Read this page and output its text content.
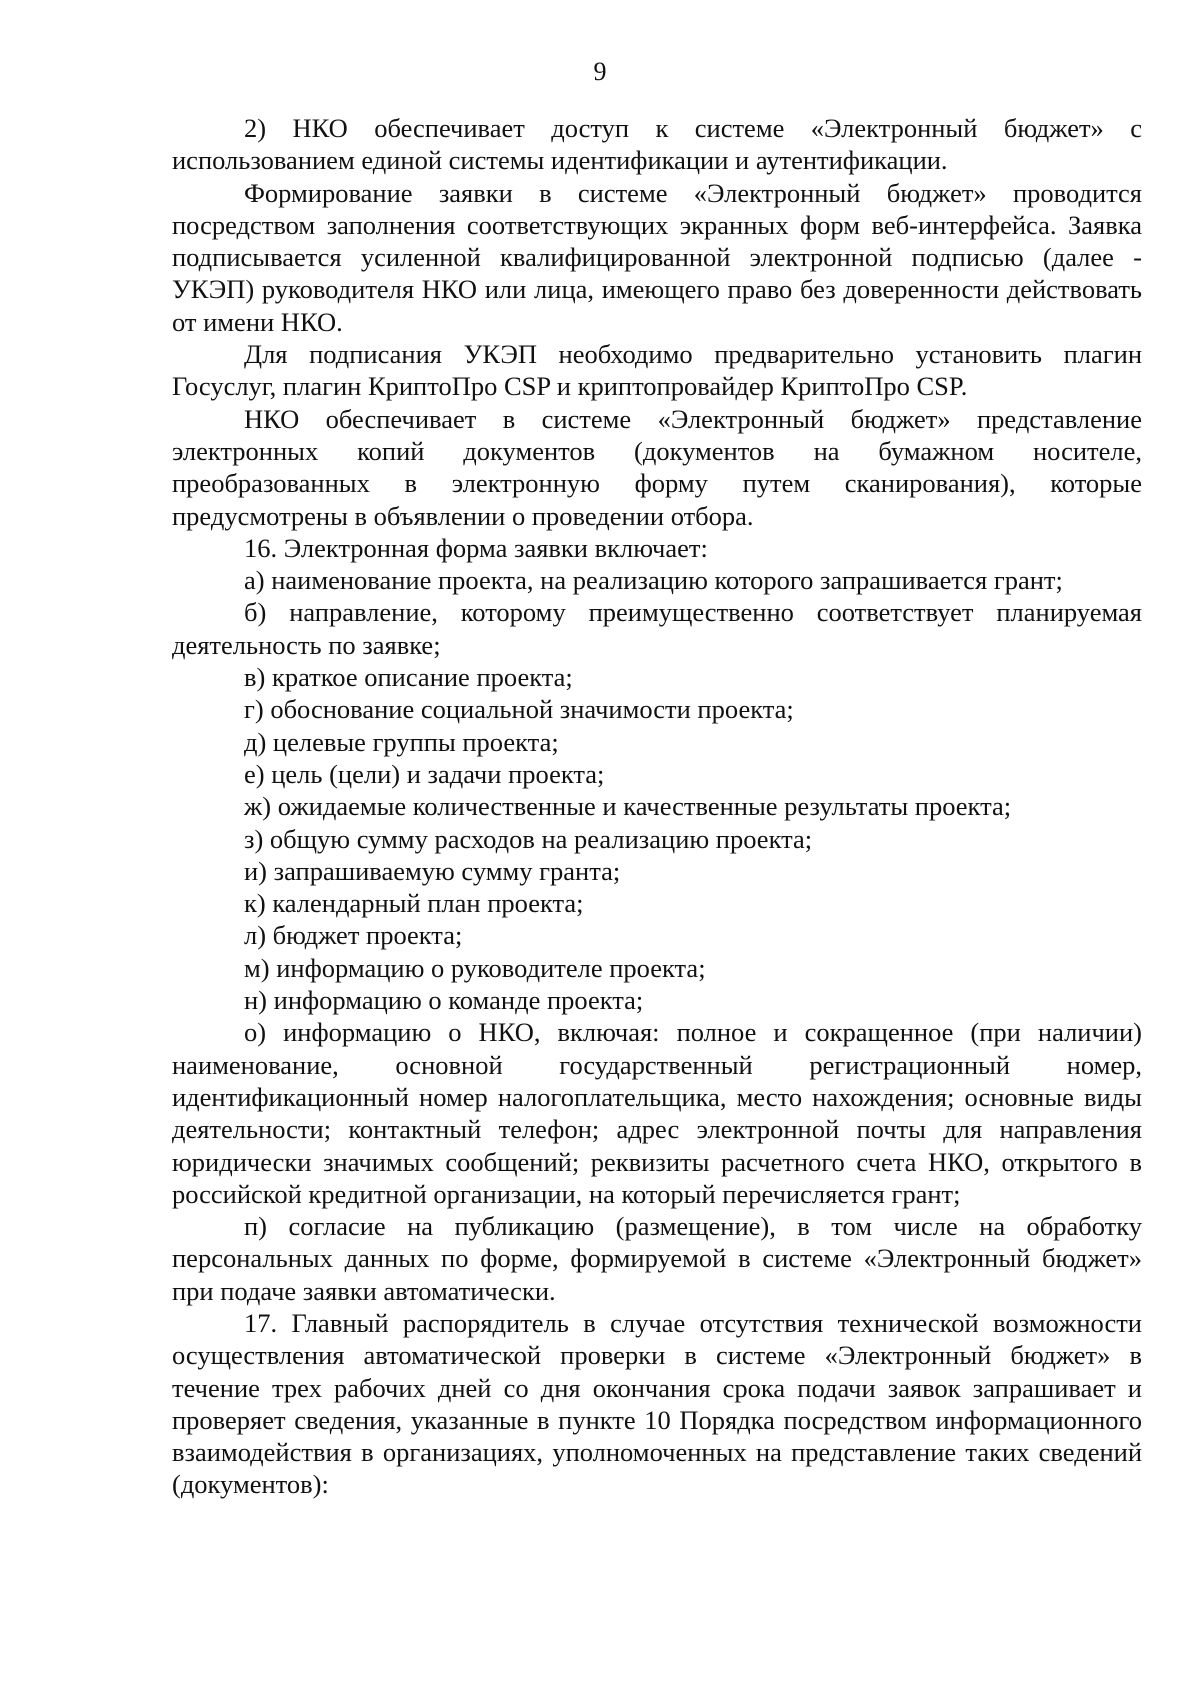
9

2) НКО обеспечивает доступ к системе «Электронный бюджет» с использованием единой системы идентификации и аутентификации.

Формирование заявки в системе «Электронный бюджет» проводится посредством заполнения соответствующих экранных форм веб-интерфейса. Заявка подписывается усиленной квалифицированной электронной подписью (далее - УКЭП) руководителя НКО или лица, имеющего право без доверенности действовать от имени НКО.

Для подписания УКЭП необходимо предварительно установить плагин Госуслуг, плагин КриптоПро CSP и криптопровайдер КриптоПро CSP.

НКО обеспечивает в системе «Электронный бюджет» представление электронных копий документов (документов на бумажном носителе, преобразованных в электронную форму путем сканирования), которые предусмотрены в объявлении о проведении отбора.

16. Электронная форма заявки включает:

а) наименование проекта, на реализацию которого запрашивается грант;

б) направление, которому преимущественно соответствует планируемая деятельность по заявке;

в) краткое описание проекта;

г) обоснование социальной значимости проекта;

д) целевые группы проекта;

е) цель (цели) и задачи проекта;

ж) ожидаемые количественные и качественные результаты проекта;

з) общую сумму расходов на реализацию проекта;

и) запрашиваемую сумму гранта;

к) календарный план проекта;

л) бюджет проекта;

м) информацию о руководителе проекта;

н) информацию о команде проекта;

о) информацию о НКО, включая: полное и сокращенное (при наличии) наименование, основной государственный регистрационный номер, идентификационный номер налогоплательщика, место нахождения; основные виды деятельности; контактный телефон; адрес электронной почты для направления юридически значимых сообщений; реквизиты расчетного счета НКО, открытого в российской кредитной организации, на который перечисляется грант;

п) согласие на публикацию (размещение), в том числе на обработку персональных данных по форме, формируемой в системе «Электронный бюджет» при подаче заявки автоматически.

17. Главный распорядитель в случае отсутствия технической возможности осуществления автоматической проверки в системе «Электронный бюджет» в течение трех рабочих дней со дня окончания срока подачи заявок запрашивает и проверяет сведения, указанные в пункте 10 Порядка посредством информационного взаимодействия в организациях, уполномоченных на представление таких сведений (документов):
